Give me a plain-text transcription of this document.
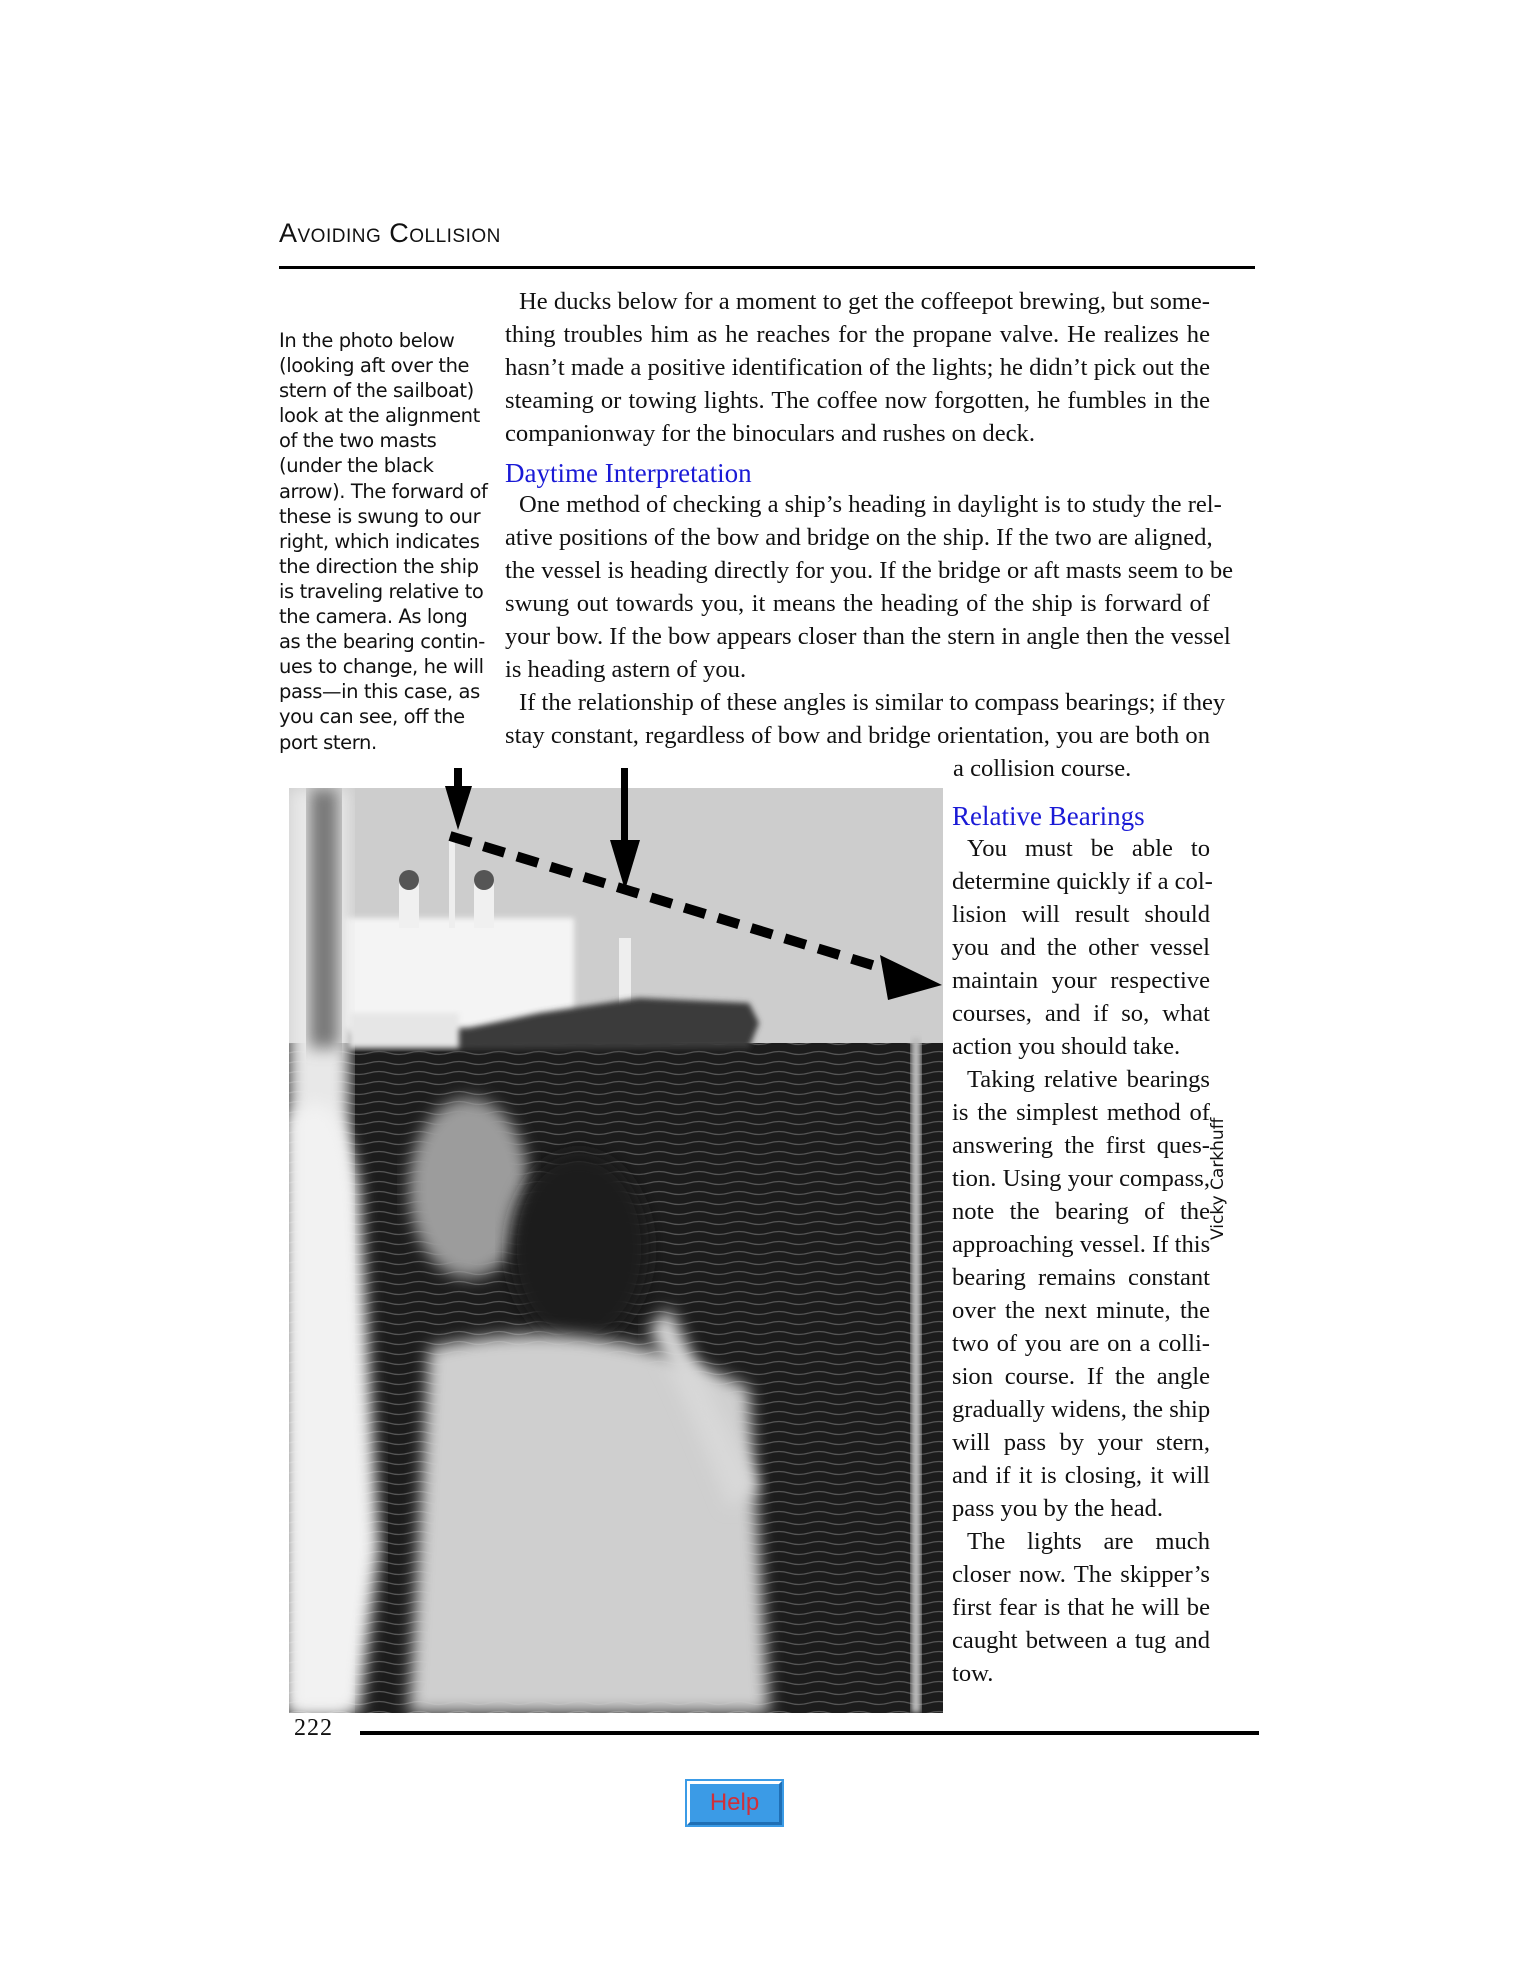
Avoiding Collision
In the photo below
(looking aft over the
stern of the sailboat)
look at the alignment
of the two masts
(under the black
arrow). The forward of
these is swung to our
right, which indicates
the direction the ship
is traveling relative to
the camera. As long
as the bearing contin-
ues to change, he will
pass—in this case, as
you can see, off the
port stern.
He ducks below for a moment to get the coffeepot brewing, but some-
thing troubles him as he reaches for the propane valve. He realizes he
hasn’t made a positive identification of the lights; he didn’t pick out the
steaming or towing lights. The coffee now forgotten, he fumbles in the
companionway for the binoculars and rushes on deck.
Daytime Interpretation
One method of checking a ship’s heading in daylight is to study the rel-
ative positions of the bow and bridge on the ship. If the two are aligned,
the vessel is heading directly for you. If the bridge or aft masts seem to be
swung out towards you, it means the heading of the ship is forward of
your bow. If the bow appears closer than the stern in angle then the vessel
is heading astern of you.
If the relationship of these angles is similar to compass bearings; if they
stay constant, regardless of bow and bridge orientation, you are both on
a collision course.
Relative Bearings
You must be able to
determine quickly if a col-
lision will result should
you and the other vessel
maintain your respective
courses, and if so, what
action you should take.
Taking relative bearings
is the simplest method of
answering the first ques-
tion. Using your compass,
note the bearing of the
approaching vessel. If this
bearing remains constant
over the next minute, the
two of you are on a colli-
sion course. If the angle
gradually widens, the ship
will pass by your stern,
and if it is closing, it will
pass you by the head.
The lights are much
closer now. The skipper’s
first fear is that he will be
caught between a tug and
tow.
Vicky Carkhuff
222
Help
